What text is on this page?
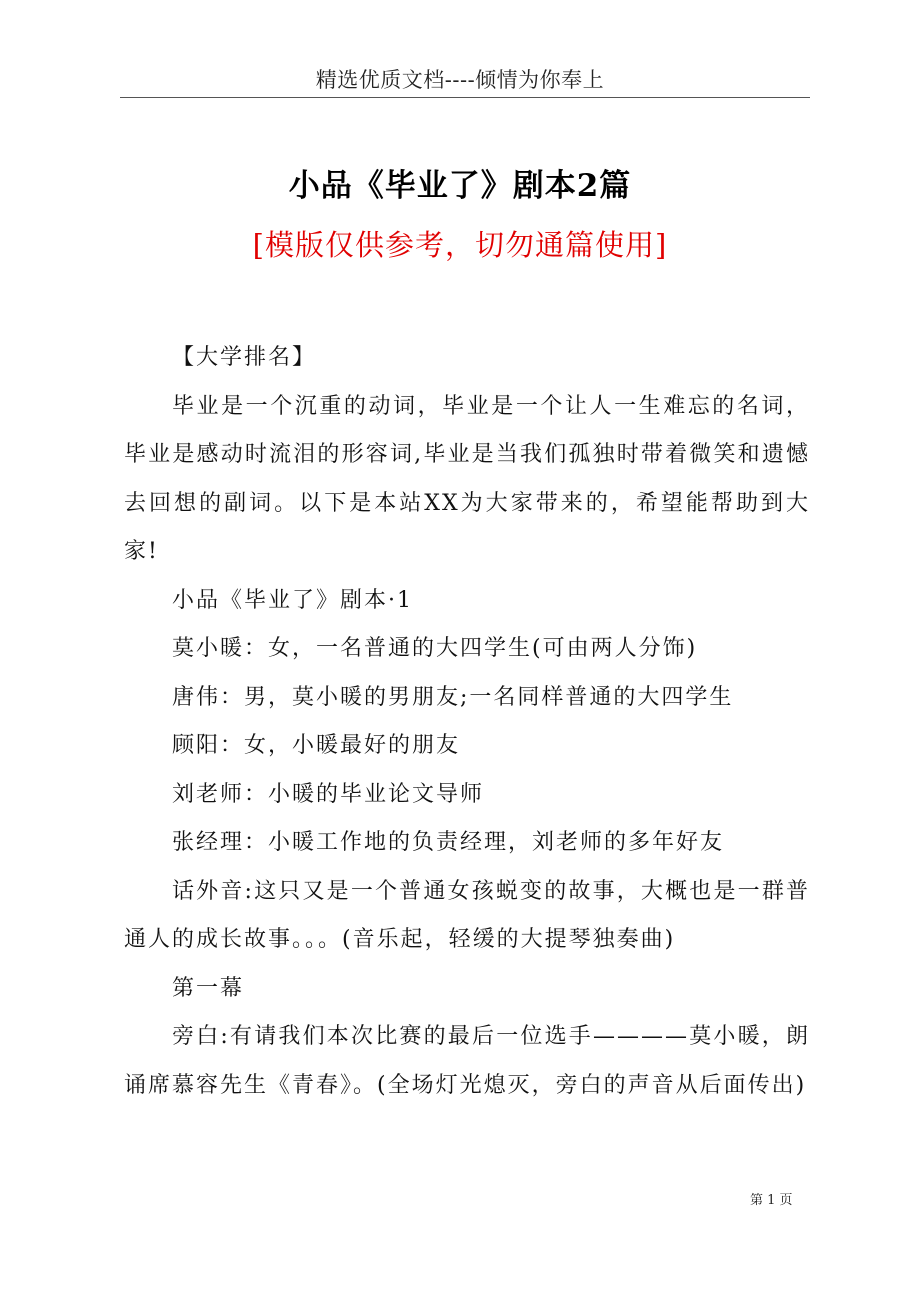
精选优质文档----倾情为你奉上
小品《毕业了》剧本2篇
[模版仅供参考，切勿通篇使用]

【大学排名】

毕业是一个沉重的动词，毕业是一个让人一生难忘的名词，毕业是感动时流泪的形容词,毕业是当我们孤独时带着微笑和遗憾去回想的副词。以下是本站XX为大家带来的，希望能帮助到大家!

小品《毕业了》剧本·1

莫小暖：女，一名普通的大四学生(可由两人分饰)

唐伟：男，莫小暖的男朋友;一名同样普通的大四学生

顾阳：女，小暖最好的朋友

刘老师：小暖的毕业论文导师

张经理：小暖工作地的负责经理，刘老师的多年好友

话外音:这只又是一个普通女孩蜕变的故事，大概也是一群普通人的成长故事。。。(音乐起，轻缓的大提琴独奏曲)

第一幕

旁白:有请我们本次比赛的最后一位选手————莫小暖，朗诵席慕容先生《青春》。(全场灯光熄灭，旁白的声音从后面传出)

第 1 页
